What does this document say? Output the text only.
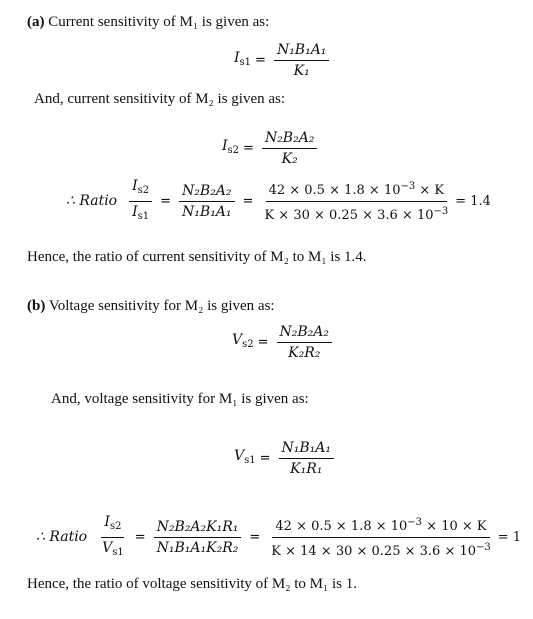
(a) Current sensitivity of M₁ is given as:
$I_{s1} = \frac{\text{N₁B₁A₁}}{\text{K₁}}$
And, current sensitivity of M₂ is given as:
$I_{s2} = \frac{\text{N₂B₂A₂}}{\text{K₂}}$
∴ Ratio $\frac{I_{s2}}{I_{s1}} = \frac{\text{N₂B₂A₂}}{\text{N₁B₁A₁}} = \frac{42 \times 0.5 \times 1.8 \times 10^{-3} \times K}{K \times 30 \times 0.25 \times 3.6 \times 10^{-3}} = 1.4$
Hence, the ratio of current sensitivity of M₂ to M₁ is 1.4.
(b) Voltage sensitivity for M₂ is given as:
$V_{s2} = \frac{\text{N₂B₂A₂}}{\text{K₂R₂}}$
And, voltage sensitivity for M₁ is given as:
$V_{s1} = \frac{\text{N₁B₁A₁}}{\text{K₁R₁}}$
∴ Ratio $\frac{I_{s2}}{V_{s1}} = \frac{\text{N₂B₂A₂K₁R₁}}{\text{N₁B₁A₁K₂R₂}} = \frac{42 \times 0.5 \times 1.8 \times 10^{-3} \times 10 \times K}{K \times 14 \times 30 \times 0.25 \times 3.6 \times 10^{-3}} = 1$
Hence, the ratio of voltage sensitivity of M₂ to M₁ is 1.
